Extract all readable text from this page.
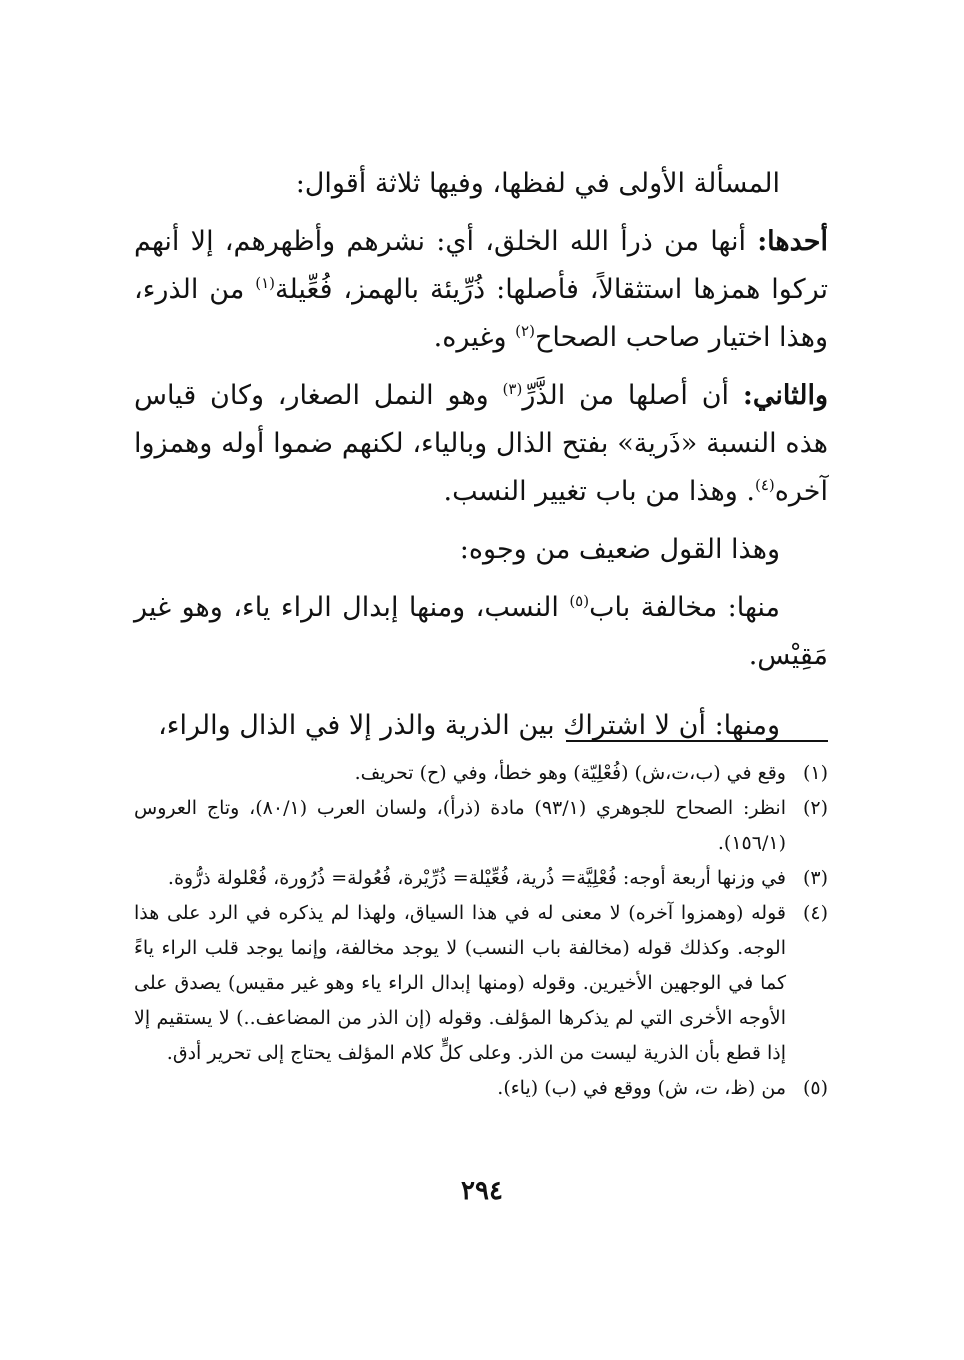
المسألة الأولى في لفظها، وفيها ثلاثة أقوال:

أحدها: أنها من ذرأ الله الخلق، أي: نشرهم وأظهرهم، إلا أنهم تركوا همزها استثقالاً، فأصلها: ذُرِّيئة بالهمز، فُعِّيلة$^{(١)}$ من الذرء، وهذا اختيار صاحب الصحاح$^{(٢)}$ وغيره.

والثاني: أن أصلها من الذَّرِّ$^{(٣)}$ وهو النمل الصغار، وكان قياس هذه النسبة «ذَرية» بفتح الذال وبالياء، لكنهم ضموا أوله وهمزوا آخره$^{(٤)}$. وهذا من باب تغيير النسب.

وهذا القول ضعيف من وجوه:

منها: مخالفة باب$^{(٥)}$ النسب، ومنها إبدال الراء ياء، وهو غير مَقِيْس.

ومنها: أن لا اشتراك بين الذرية والذر إلا في الذال والراء،

(١)
وقع في (ب،ت،ش) (فُعْلِيّة) وهو خطأ، وفي (ح) تحريف.
(٢)
انظر: الصحاح للجوهري (٩٣/١) مادة (ذرأ)، ولسان العرب (٨٠/١)، وتاج العروس (١٥٦/١).
(٣)
في وزنها أربعة أوجه: فُعْلِيَّة= ذُرية، فُعِّيْلة= ذُرِّيْرة، فُعُولة= ذُرُورة، فُعْلولة ذرُّوة.
(٤)
قوله (وهمزوا آخره) لا معنى له في هذا السياق، ولهذا لم يذكره في الرد على هذا الوجه. وكذلك قوله (مخالفة باب النسب) لا يوجد مخالفة، وإنما يوجد قلب الراء ياءً كما في الوجهين الأخيرين. وقوله (ومنها إبدال الراء ياء وهو غير مقيس) يصدق على الأوجه الأخرى التي لم يذكرها المؤلف. وقوله (إن الذر من المضاعف..) لا يستقيم إلا إذا قطع بأن الذرية ليست من الذر. وعلى كلٍّ كلام المؤلف يحتاج إلى تحرير أدق.
(٥)
من (ظ، ت، ش) ووقع في (ب) (ياء).
٢٩٤
